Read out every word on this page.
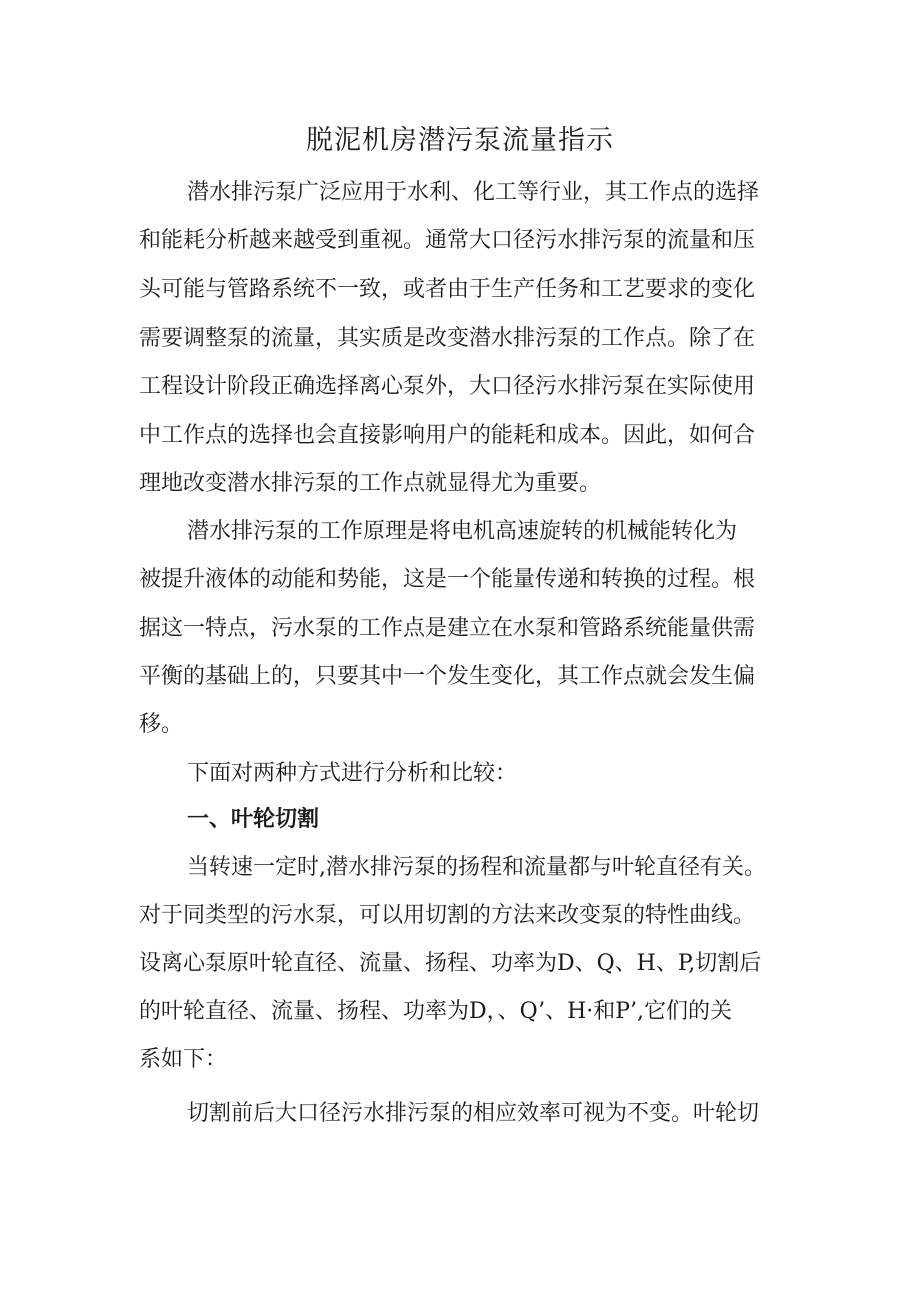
脱泥机房潜污泵流量指示

潜水排污泵广泛应用于水利、化工等行业，其工作点的选择

和能耗分析越来越受到重视。通常大口径污水排污泵的流量和压

头可能与管路系统不一致，或者由于生产任务和工艺要求的变化

需要调整泵的流量，其实质是改变潜水排污泵的工作点。除了在

工程设计阶段正确选择离心泵外，大口径污水排污泵在实际使用

中工作点的选择也会直接影响用户的能耗和成本。因此，如何合

理地改变潜水排污泵的工作点就显得尤为重要。

潜水排污泵的工作原理是将电机高速旋转的机械能转化为

被提升液体的动能和势能，这是一个能量传递和转换的过程。根

据这一特点，污水泵的工作点是建立在水泵和管路系统能量供需

平衡的基础上的，只要其中一个发生变化，其工作点就会发生偏

移。

下面对两种方式进行分析和比较：

一、叶轮切割

当转速一定时,潜水排污泵的扬程和流量都与叶轮直径有关。

对于同类型的污水泵，可以用切割的方法来改变泵的特性曲线。

设离心泵原叶轮直径、流量、扬程、功率为D、Q、H、P,切割后

的叶轮直径、流量、扬程、功率为D，、Q’、H·和P’,它们的关

系如下：

切割前后大口径污水排污泵的相应效率可视为不变。叶轮切
